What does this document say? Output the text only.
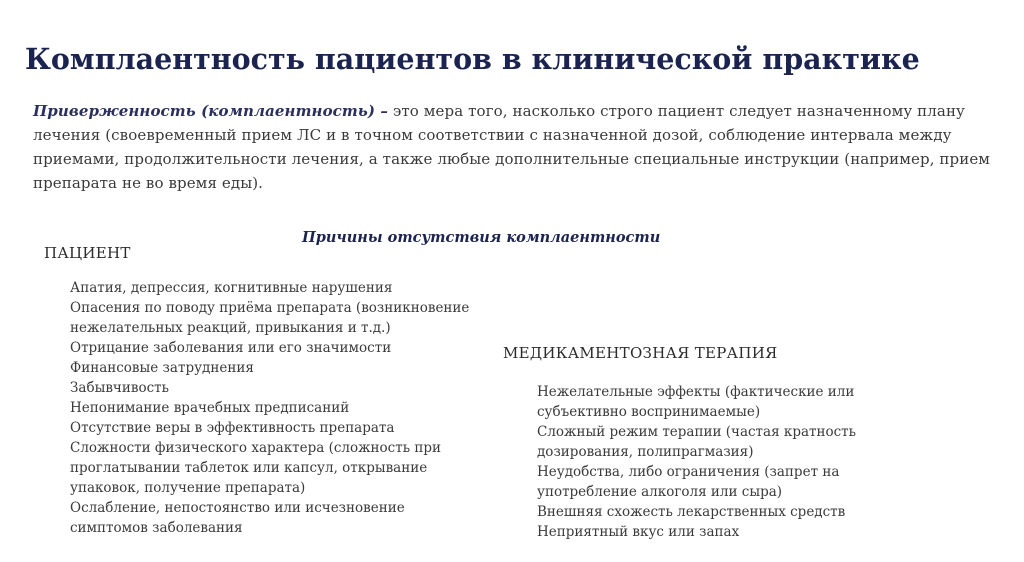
Комплаентность пациентов в клинической практике

Приверженность (комплаентность) – это мера того, насколько строго пациент следует назначенному плану лечения (своевременный прием ЛС и в точном соответствии с назначенной дозой, соблюдение интервала между приемами, продолжительности лечения, а также любые дополнительные специальные инструкции (например, прием препарата не во время еды).

Причины отсутствия комплаентности
ПАЦИЕНТ
Апатия, депрессия, когнитивные нарушения
Опасения по поводу приёма препарата (возникновение нежелательных реакций, привыкания и т.д.)
Отрицание заболевания или его значимости
Финансовые затруднения
Забывчивость
Непонимание врачебных предписаний
Отсутствие веры в эффективность препарата
Сложности физического характера (сложность при проглатывании таблеток или капсул, открывание упаковок, получение препарата)
Ослабление, непостоянство или исчезновение симптомов заболевания
МЕДИКАМЕНТОЗНАЯ ТЕРАПИЯ
Нежелательные эффекты (фактические или субъективно воспринимаемые)
Сложный режим терапии (частая кратность дозирования, полипрагмазия)
Неудобства, либо ограничения (запрет на употребление алкоголя или сыра)
Внешняя схожесть лекарственных средств
Неприятный вкус или запах
